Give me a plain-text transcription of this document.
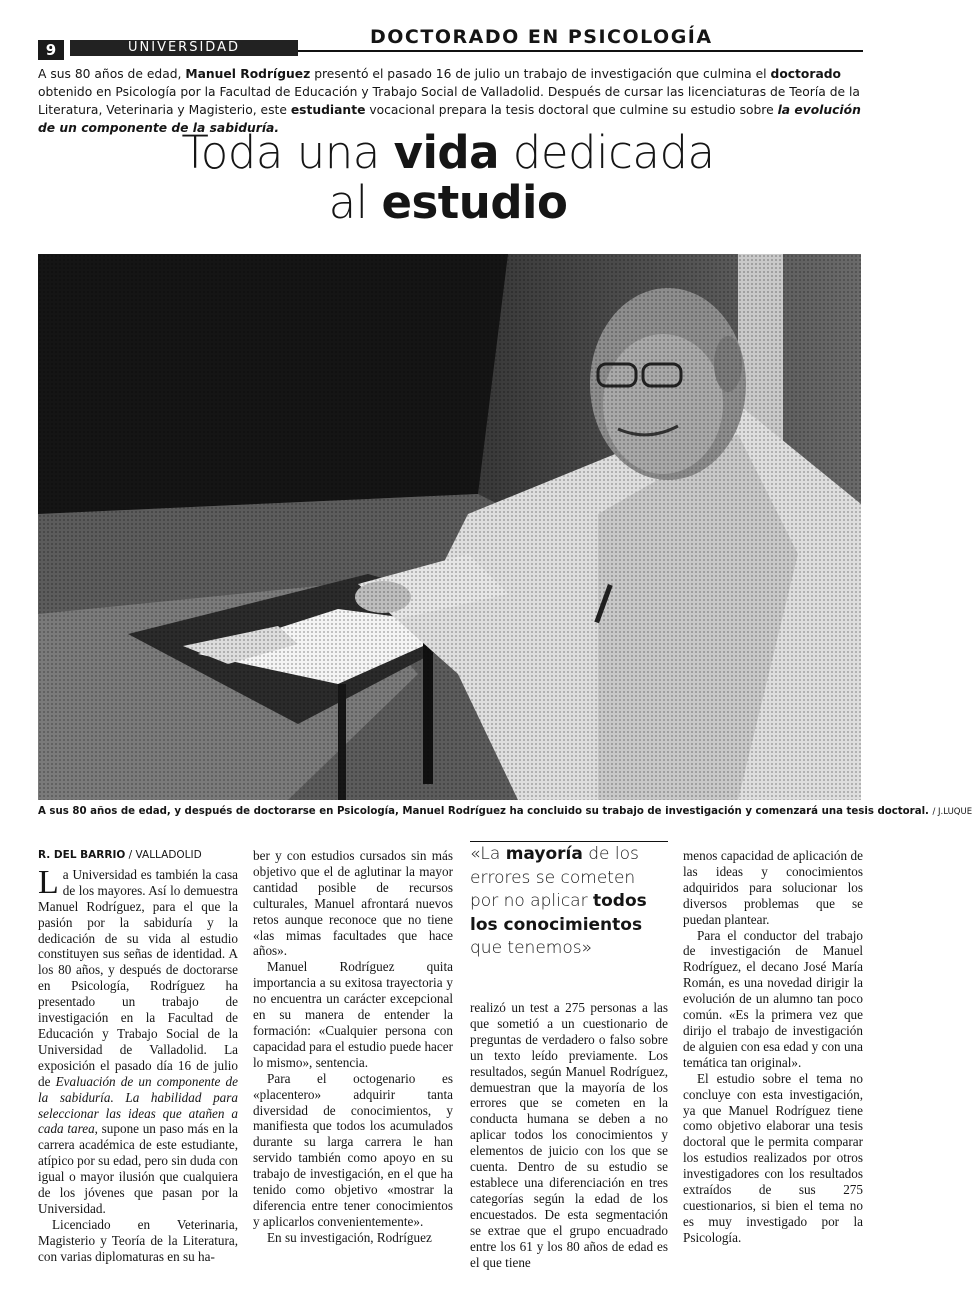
9	UNIVERSIDAD	DOCTORADO EN PSICOLOGÍA
A sus 80 años de edad, Manuel Rodríguez presentó el pasado 16 de julio un trabajo de investigación que culmina el doctorado obtenido en Psicología por la Facultad de Educación y Trabajo Social de Valladolid. Después de cursar las licenciaturas de Teoría de la Literatura, Veterinaria y Magisterio, este estudiante vocacional prepara la tesis doctoral que culmine su estudio sobre la evolución de un componente de la sabiduría.
Toda una vida dedicada
al estudio
A sus 80 años de edad, y después de doctorarse en Psicología, Manuel Rodríguez ha concluido su trabajo de investigación y comenzará una tesis doctoral. / J.LUQUE
R. DEL BARRIO / VALLADOLID

La Universidad es también la casa de los mayores. Así lo demuestra Manuel Rodríguez, para el que la pasión por la sabiduría y la dedicación de su vida al estudio constituyen sus señas de identidad. A los 80 años, y después de doctorarse en Psicología, Rodríguez ha presentado un trabajo de investigación en la Facultad de Educación y Trabajo Social de la Universidad de Valladolid. La exposición el pasado día 16 de julio de Evaluación de un componente de la sabiduría. La habilidad para seleccionar las ideas que atañen a cada tarea, supone un paso más en la carrera académica de este estudiante, atípico por su edad, pero sin duda con igual o mayor ilusión que cualquiera de los jóvenes que pasan por la Universidad.

Licenciado en Veterinaria, Magisterio y Teoría de la Literatura, con varias diplomaturas en su ha-

ber y con estudios cursados sin más objetivo que el de aglutinar la mayor cantidad posible de recursos culturales, Manuel afrontará nuevos retos aunque reconoce que no tiene «las mimas facultades que hace años».

Manuel Rodríguez quita importancia a su exitosa trayectoria y no encuentra un carácter excepcional en su manera de entender la formación: «Cualquier persona con capacidad para el estudio puede hacer lo mismo», sentencia.

Para el octogenario es «placentero» adquirir tanta diversidad de conocimientos, y manifiesta que todos los acumulados durante su larga carrera le han servido también como apoyo en su trabajo de investigación, en el que ha tenido como objetivo «mostrar la diferencia entre tener conocimientos y aplicarlos convenientemente».

En su investigación, Rodríguez

«La mayoría de los errores se cometen por no aplicar todos los conocimientos que tenemos»

realizó un test a 275 personas a las que sometió a un cuestionario de preguntas de verdadero o falso sobre un texto leído previamente. Los resultados, según Manuel Rodríguez, demuestran que la mayoría de los errores que se cometen en la conducta humana se deben a no aplicar todos los conocimientos y elementos de juicio con los que se cuenta. Dentro de su estudio se establece una diferenciación en tres categorías según la edad de los encuestados. De esta segmentación se extrae que el grupo encuadrado entre los 61 y los 80 años de edad es el que tiene

menos capacidad de aplicación de las ideas y conocimientos adquiridos para solucionar los diversos problemas que se puedan plantear.

Para el conductor del trabajo de investigación de Manuel Rodríguez, el decano José María Román, es una novedad dirigir la evolución de un alumno tan poco común. «Es la primera vez que dirijo el trabajo de investigación de alguien con esa edad y con una temática tan original».

El estudio sobre el tema no concluye con esta investigación, ya que Manuel Rodríguez tiene como objetivo elaborar una tesis doctoral que le permita comparar los estudios realizados por otros investigadores con los resultados extraídos de sus 275 cuestionarios, si bien el tema no es muy investigado por la Psicología.
